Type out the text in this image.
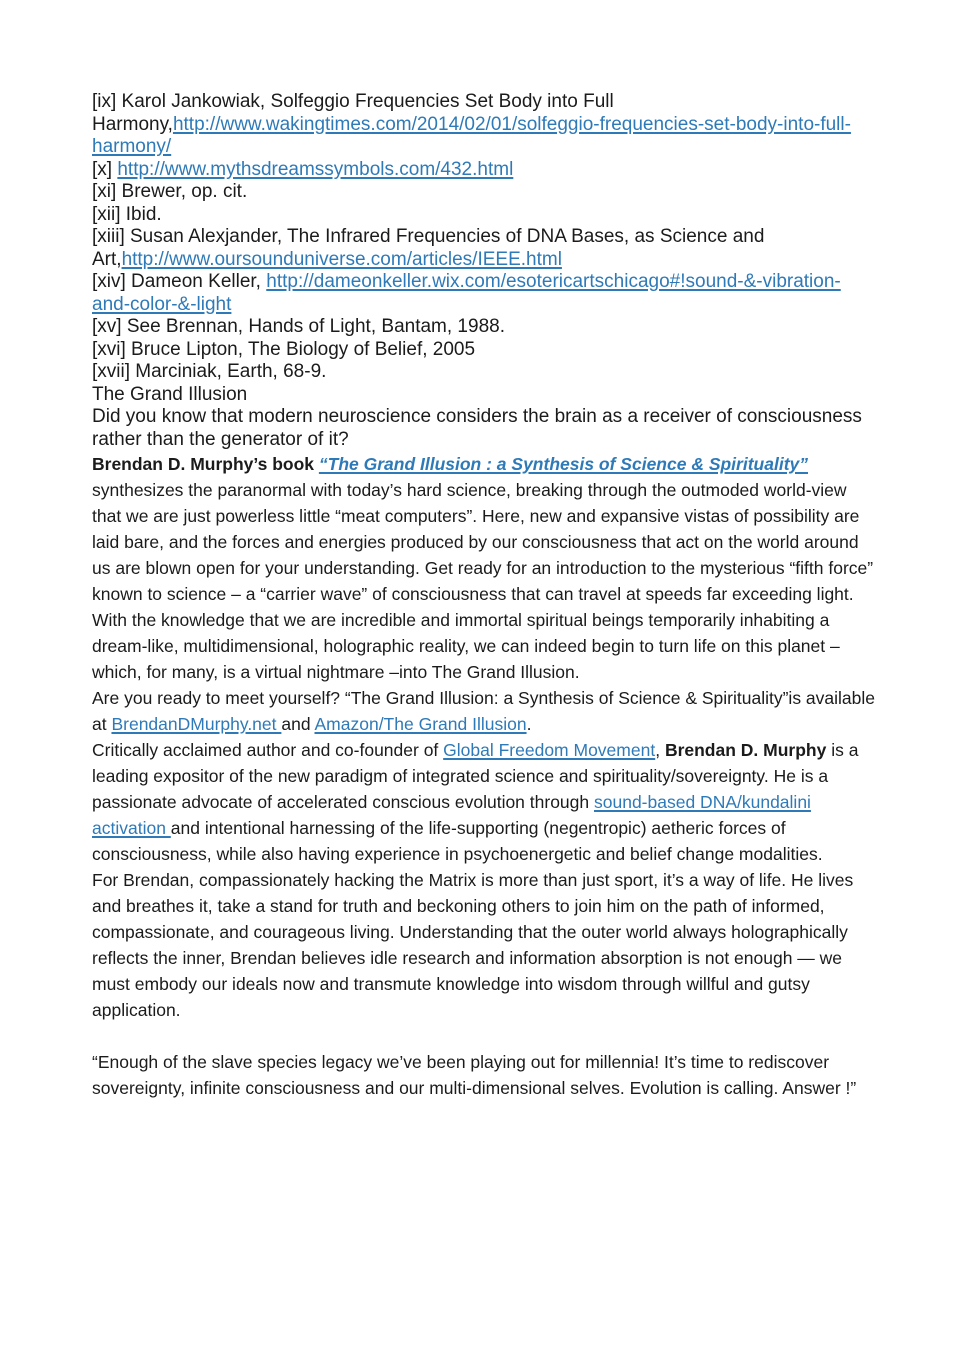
[ix] Karol Jankowiak, Solfeggio Frequencies Set Body into Full Harmony,http://www.wakingtimes.com/2014/02/01/solfeggio-frequencies-set-body-into-full-harmony/

[x] http://www.mythsdreamssymbols.com/432.html

[xi] Brewer, op. cit.

[xii] Ibid.

[xiii] Susan Alexjander, The Infrared Frequencies of DNA Bases, as Science and Art,http://www.oursounduniverse.com/articles/IEEE.html

[xiv] Dameon Keller, http://dameonkeller.wix.com/esotericartschicago#!sound-&-vibration-and-color-&-light

[xv] See Brennan, Hands of Light, Bantam, 1988.

[xvi] Bruce Lipton, The Biology of Belief, 2005

[xvii] Marciniak, Earth, 68-9.

The Grand Illusion

Did you know that modern neuroscience considers the brain as a receiver of consciousness rather than the generator of it?

Brendan D. Murphy’s book “The Grand Illusion : a Synthesis of Science & Spirituality” synthesizes the paranormal with today’s hard science, breaking through the outmoded world-view that we are just powerless little “meat computers”. Here, new and expansive vistas of possibility are laid bare, and the forces and energies produced by our consciousness that act on the world around us are blown open for your understanding. Get ready for an introduction to the mysterious “fifth force” known to science – a “carrier wave” of consciousness that can travel at speeds far exceeding light. With the knowledge that we are incredible and immortal spiritual beings temporarily inhabiting a dream-like, multidimensional, holographic reality, we can indeed begin to turn life on this planet – which, for many, is a virtual nightmare –into The Grand Illusion.

Are you ready to meet yourself? “The Grand Illusion: a Synthesis of Science & Spirituality”is available at BrendanDMurphy.net and Amazon/The Grand Illusion.

Critically acclaimed author and co-founder of Global Freedom Movement, Brendan D. Murphy is a leading expositor of the new paradigm of integrated science and spirituality/sovereignty. He is a passionate advocate of accelerated conscious evolution through sound-based DNA/kundalini activation and intentional harnessing of the life-supporting (negentropic) aetheric forces of consciousness, while also having experience in psychoenergetic and belief change modalities.

For Brendan, compassionately hacking the Matrix is more than just sport, it’s a way of life. He lives and breathes it, take a stand for truth and beckoning others to join him on the path of informed, compassionate, and courageous living. Understanding that the outer world always holographically reflects the inner, Brendan believes idle research and information absorption is not enough — we must embody our ideals now and transmute knowledge into wisdom through willful and gutsy application.

“Enough of the slave species legacy we’ve been playing out for millennia! It’s time to rediscover sovereignty, infinite consciousness and our multi-dimensional selves. Evolution is calling. Answer !”
